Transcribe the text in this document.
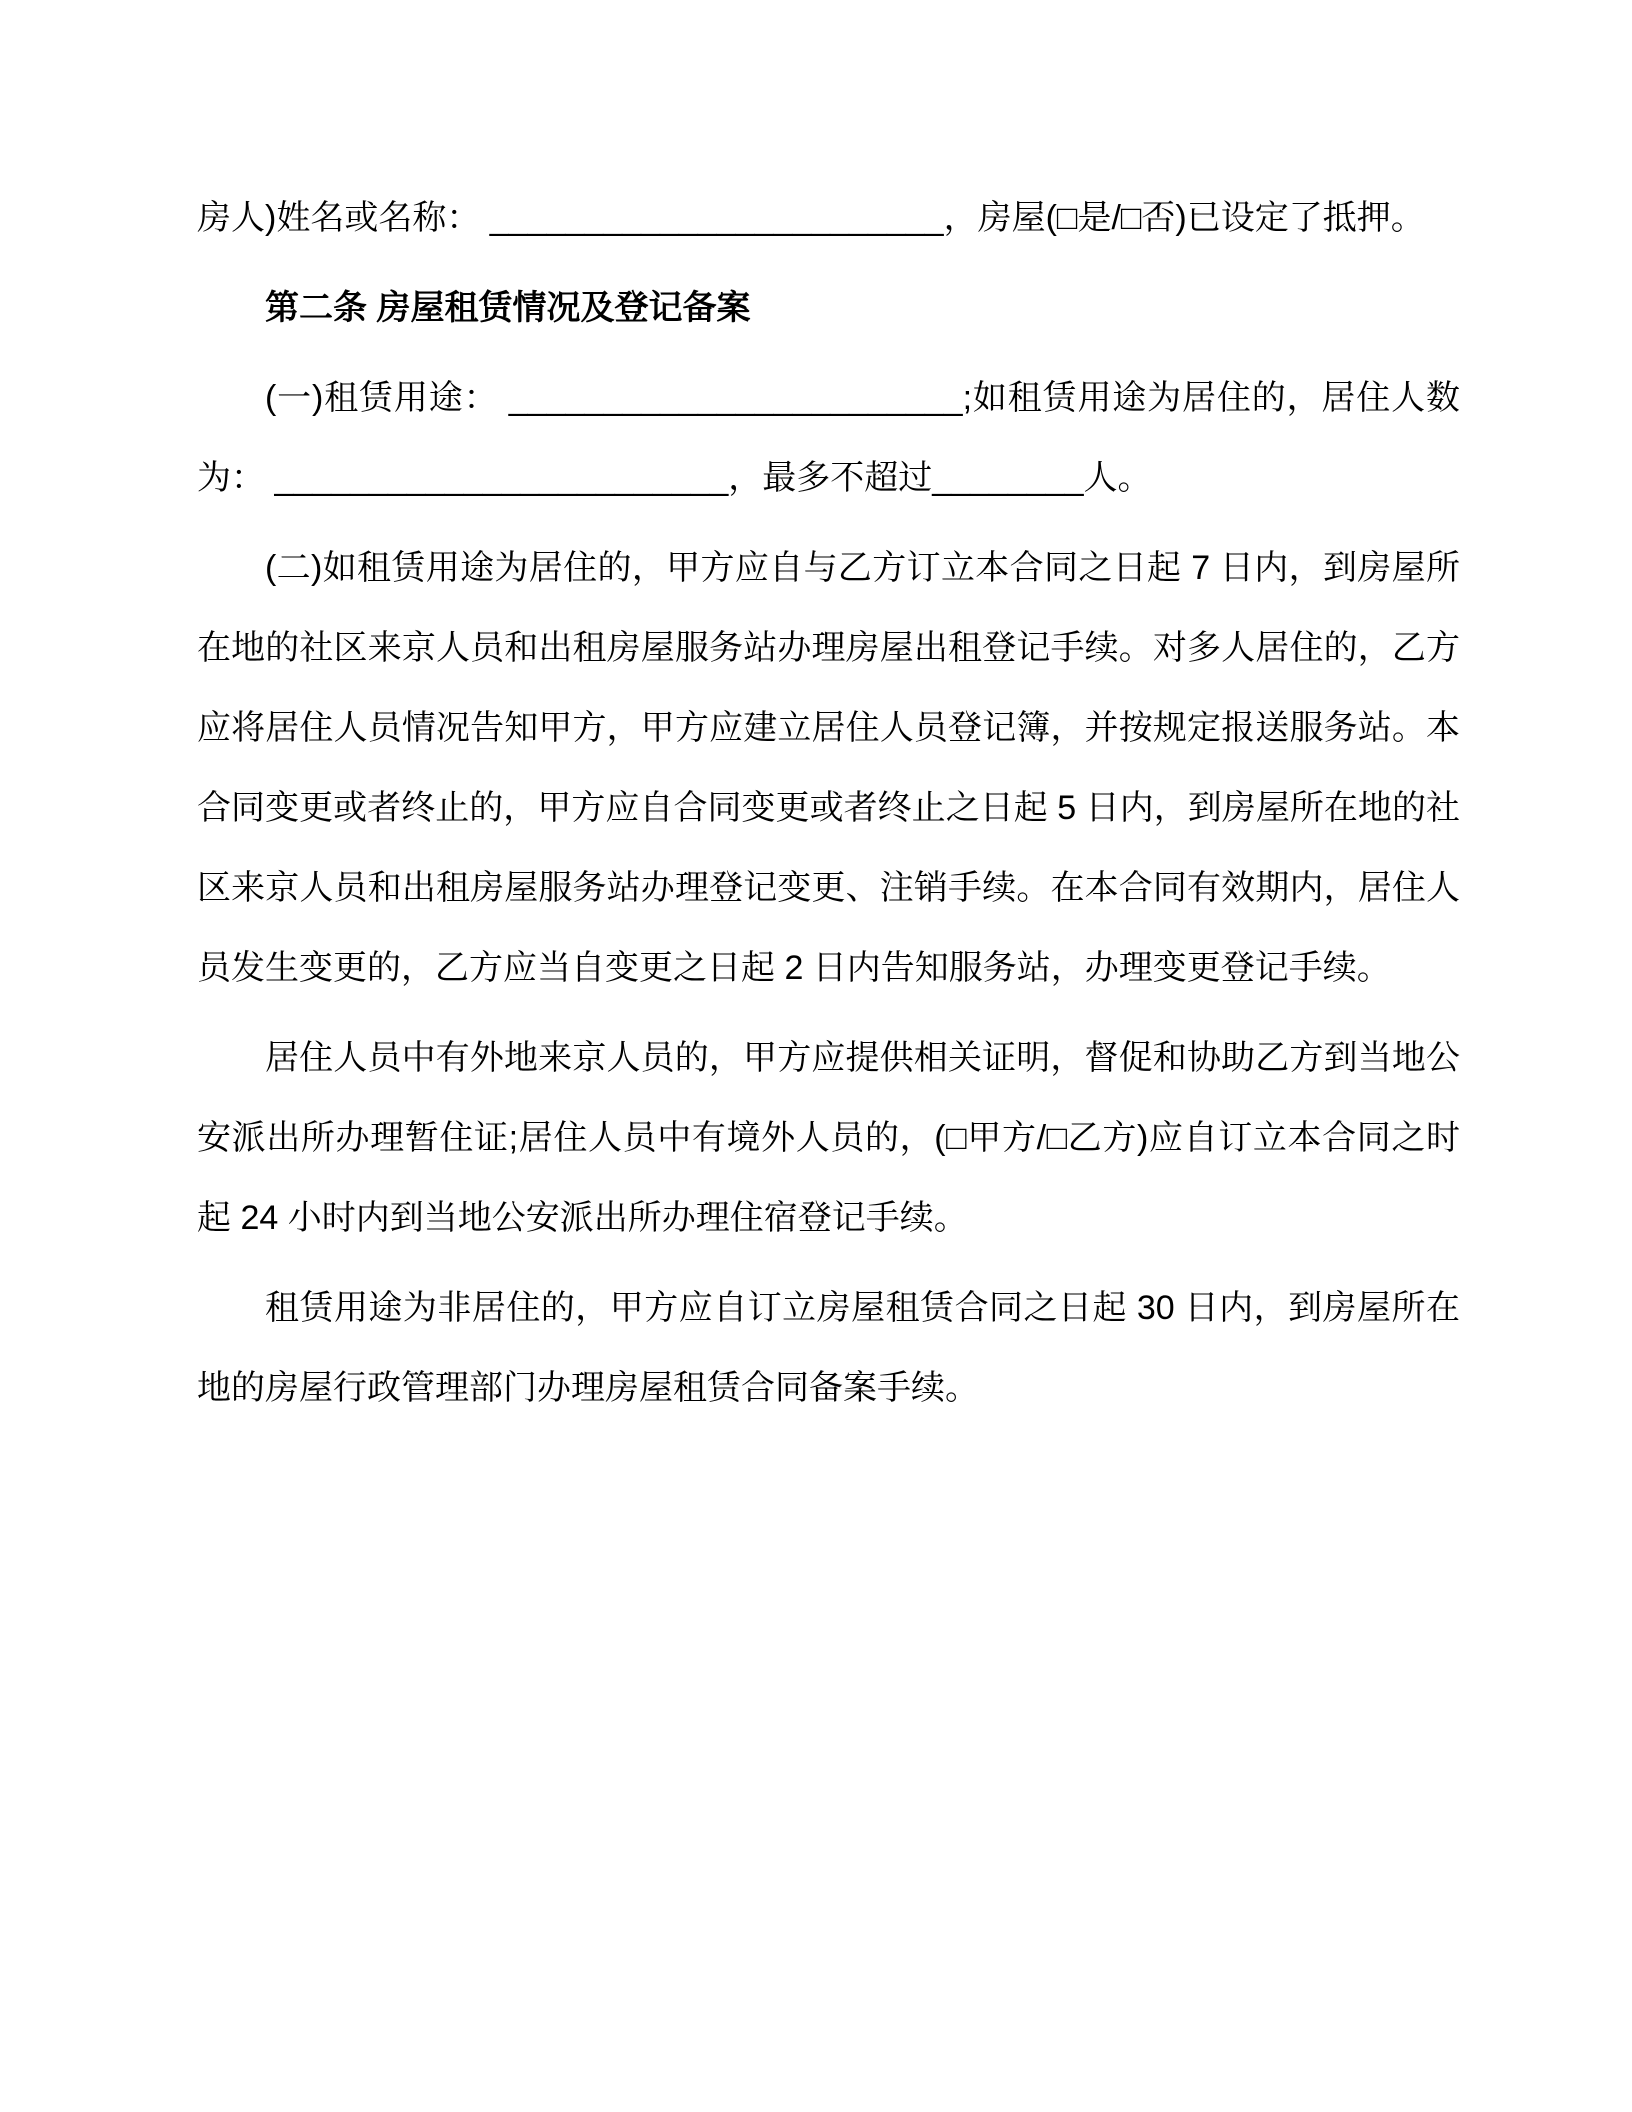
房人)姓名或名称： ________________________，房屋(□是/□否)已设定了抵押。

第二条 房屋租赁情况及登记备案

(一)租赁用途： ________________________;如租赁用途为居住的，居住人数为： ________________________，最多不超过________人。

(二)如租赁用途为居住的，甲方应自与乙方订立本合同之日起 7 日内，到房屋所在地的社区来京人员和出租房屋服务站办理房屋出租登记手续。对多人居住的，乙方应将居住人员情况告知甲方，甲方应建立居住人员登记簿，并按规定报送服务站。本合同变更或者终止的，甲方应自合同变更或者终止之日起 5 日内，到房屋所在地的社区来京人员和出租房屋服务站办理登记变更、注销手续。在本合同有效期内，居住人员发生变更的，乙方应当自变更之日起 2 日内告知服务站，办理变更登记手续。

居住人员中有外地来京人员的，甲方应提供相关证明，督促和协助乙方到当地公安派出所办理暂住证;居住人员中有境外人员的，(□甲方/□乙方)应自订立本合同之时起 24 小时内到当地公安派出所办理住宿登记手续。

租赁用途为非居住的，甲方应自订立房屋租赁合同之日起 30 日内，到房屋所在地的房屋行政管理部门办理房屋租赁合同备案手续。
